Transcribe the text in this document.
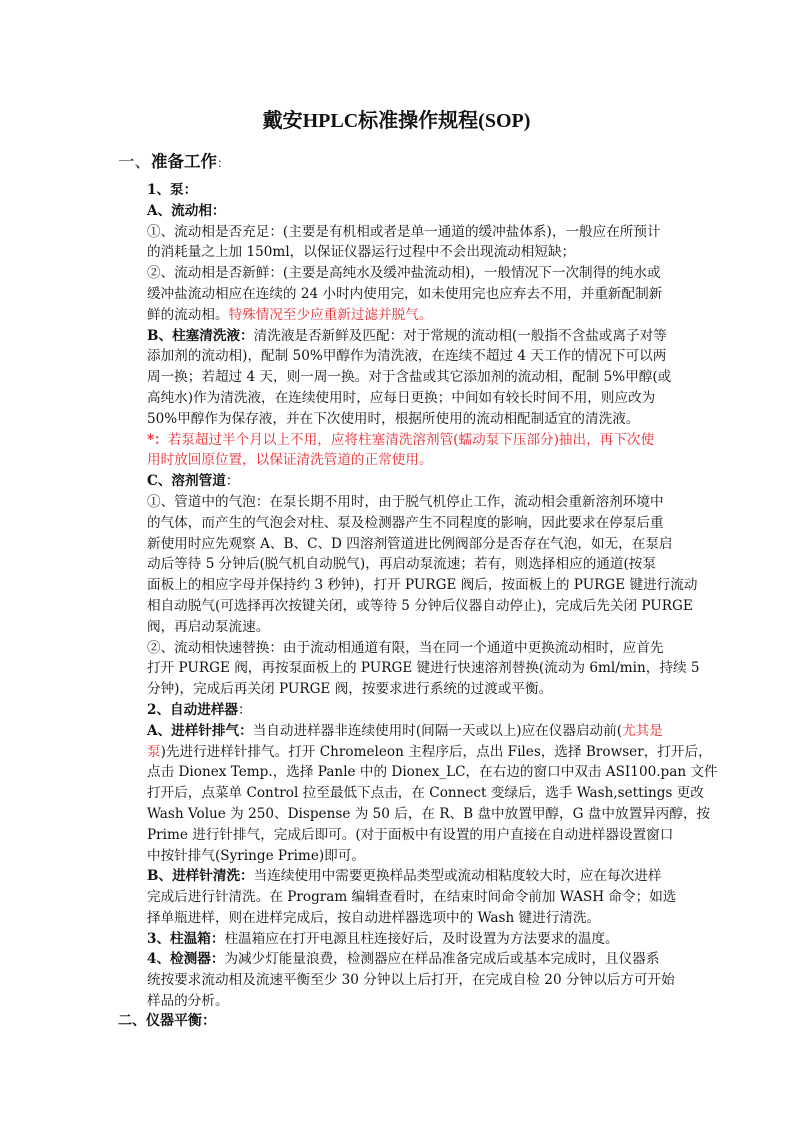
戴安HPLC标准操作规程(SOP)
一、准备工作：
1、泵：
A、流动相：
①、流动相是否充足：(主要是有机相或者是单一通道的缓冲盐体系)，一般应在所预计
的消耗量之上加 150ml，以保证仪器运行过程中不会出现流动相短缺；
②、流动相是否新鲜：(主要是高纯水及缓冲盐流动相)，一般情况下一次制得的纯水或
缓冲盐流动相应在连续的 24 小时内使用完，如未使用完也应弃去不用，并重新配制新
鲜的流动相。特殊情况至少应重新过滤并脱气。
B、柱塞清洗液：清洗液是否新鲜及匹配：对于常规的流动相(一般指不含盐或离子对等
添加剂的流动相)，配制 50%甲醇作为清洗液，在连续不超过 4 天工作的情况下可以两
周一换；若超过 4 天，则一周一换。对于含盐或其它添加剂的流动相，配制 5%甲醇(或
高纯水)作为清洗液，在连续使用时，应每日更换；中间如有较长时间不用，则应改为
50%甲醇作为保存液，并在下次使用时，根据所使用的流动相配制适宜的清洗液。
*：若泵超过半个月以上不用，应将柱塞清洗溶剂管(蠕动泵下压部分)抽出，再下次使
用时放回原位置，以保证清洗管道的正常使用。
C、溶剂管道：
①、管道中的气泡：在泵长期不用时，由于脱气机停止工作，流动相会重新溶剂环境中
的气体，而产生的气泡会对柱、泵及检测器产生不同程度的影响，因此要求在停泵后重
新使用时应先观察 A、B、C、D 四溶剂管道进比例阀部分是否存在气泡，如无，在泵启
动后等待 5 分钟后(脱气机自动脱气)，再启动泵流速；若有，则选择相应的通道(按泵
面板上的相应字母并保持约 3 秒钟)，打开 PURGE 阀后，按面板上的 PURGE 键进行流动
相自动脱气(可选择再次按键关闭，或等待 5 分钟后仪器自动停止)，完成后先关闭 PURGE
阀，再启动泵流速。
②、流动相快速替换：由于流动相通道有限，当在同一个通道中更换流动相时，应首先
打开 PURGE 阀，再按泵面板上的 PURGE 键进行快速溶剂替换(流动为 6ml/min，持续 5
分钟)，完成后再关闭 PURGE 阀，按要求进行系统的过渡或平衡。
2、自动进样器：
A、进样针排气：当自动进样器非连续使用时(间隔一天或以上)应在仪器启动前(尤其是
泵)先进行进样针排气。打开 Chromeleon 主程序后，点出 Files，选择 Browser，打开后，
点击 Dionex Temp.，选择 Panle 中的 Dionex_LC，在右边的窗口中双击 ASI100.pan 文件
打开后，点菜单 Control 拉至最低下点击，在 Connect 变绿后，选手 Wash,settings 更改
Wash Volue 为 250、Dispense 为 50 后，在 R、B 盘中放置甲醇，G 盘中放置异丙醇，按
Prime 进行针排气，完成后即可。(对于面板中有设置的用户直接在自动进样器设置窗口
中按针排气(Syringe Prime)即可。
B、进样针清洗：当连续使用中需要更换样品类型或流动相粘度较大时，应在每次进样
完成后进行针清洗。在 Program 编辑查看时，在结束时间命令前加 WASH 命令；如选
择单瓶进样，则在进样完成后，按自动进样器选项中的 Wash 键进行清洗。
3、柱温箱：柱温箱应在打开电源且柱连接好后，及时设置为方法要求的温度。
4、检测器：为减少灯能量浪费，检测器应在样品准备完成后或基本完成时，且仪器系
统按要求流动相及流速平衡至少 30 分钟以上后打开，在完成自检 20 分钟以后方可开始
样品的分析。
二、仪器平衡：
